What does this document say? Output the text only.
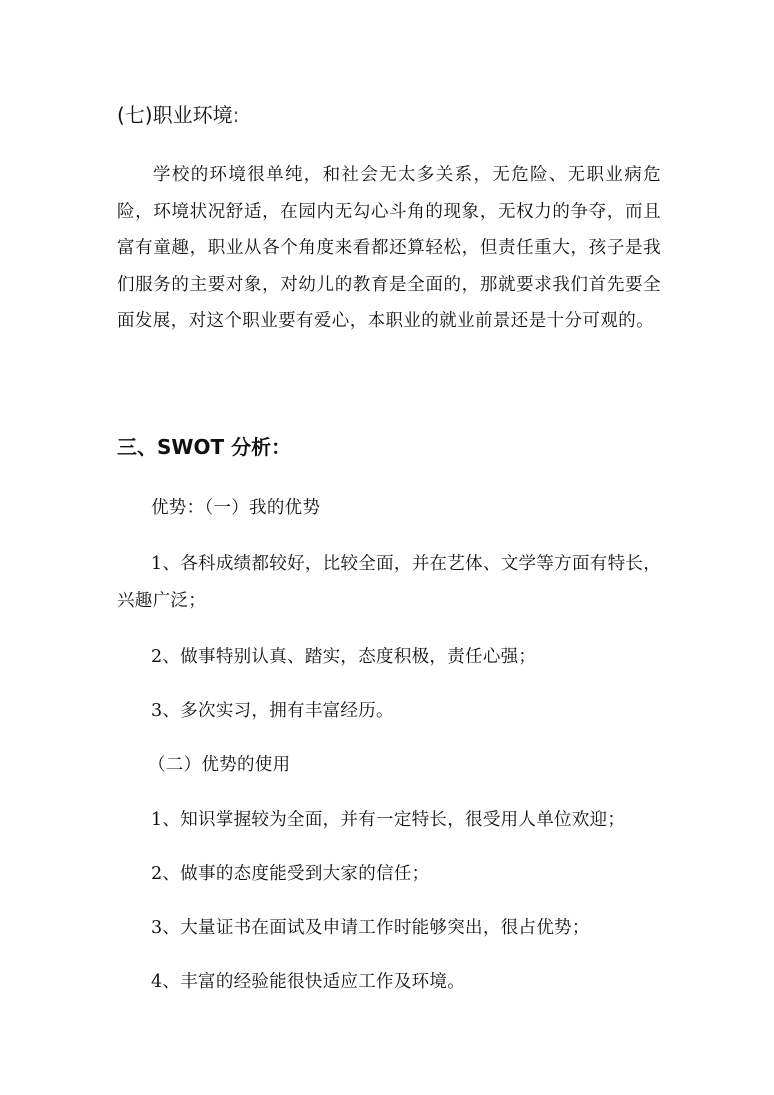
(七)职业环境:
学校的环境很单纯，和社会无太多关系，无危险、无职业病危险，环境状况舒适，在园内无勾心斗角的现象，无权力的争夺，而且富有童趣，职业从各个角度来看都还算轻松，但责任重大，孩子是我们服务的主要对象，对幼儿的教育是全面的，那就要求我们首先要全面发展，对这个职业要有爱心，本职业的就业前景还是十分可观的。
三、SWOT 分析：
优势：（一）我的优势
1、各科成绩都较好，比较全面，并在艺体、文学等方面有特长，兴趣广泛；
2、做事特别认真、踏实，态度积极，责任心强；
3、多次实习，拥有丰富经历。
（二）优势的使用
1、知识掌握较为全面，并有一定特长，很受用人单位欢迎；
2、做事的态度能受到大家的信任；
3、大量证书在面试及申请工作时能够突出，很占优势；
4、丰富的经验能很快适应工作及环境。
